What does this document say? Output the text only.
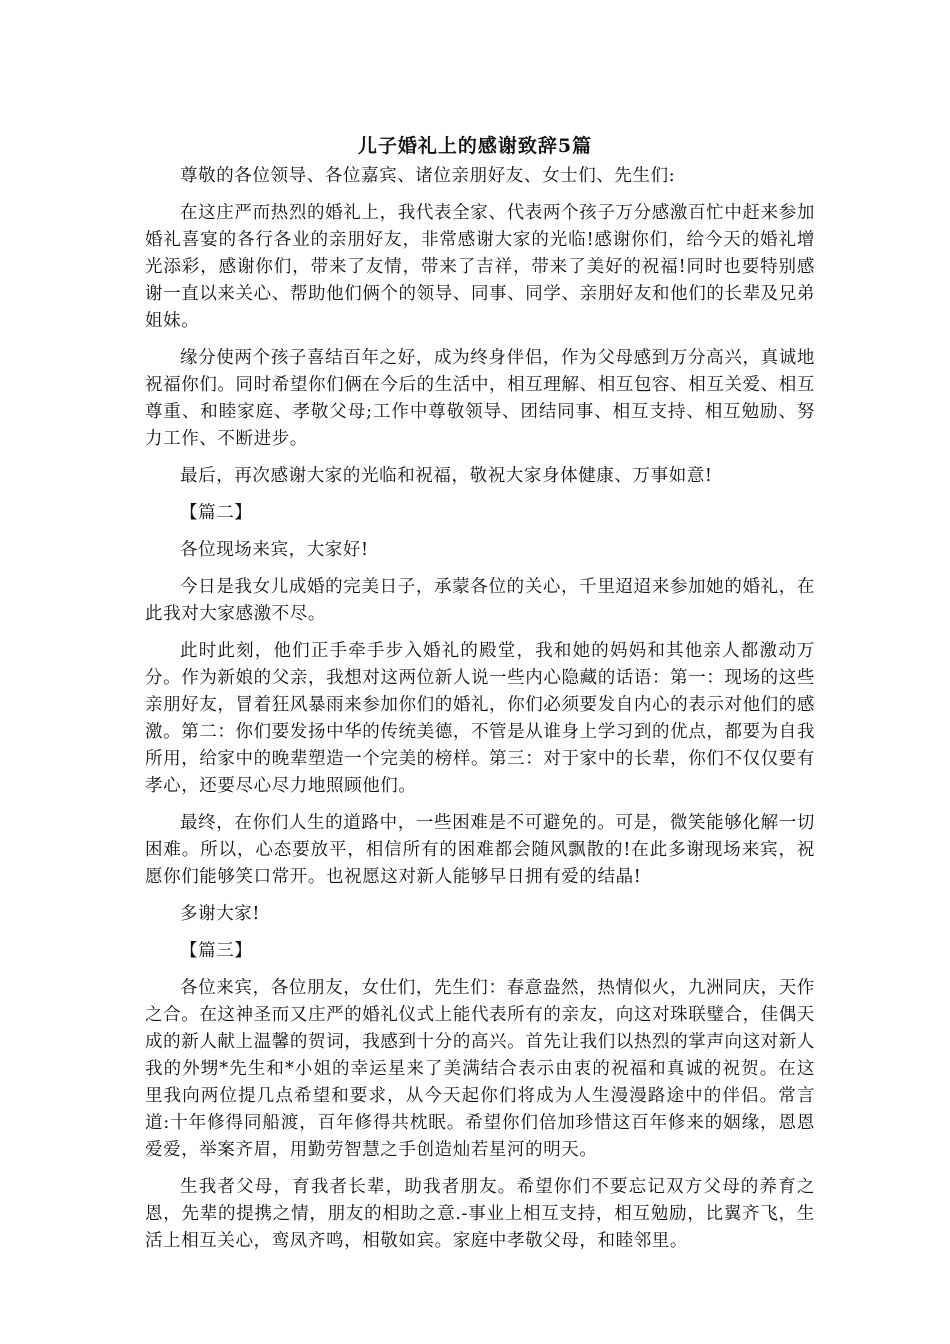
儿子婚礼上的感谢致辞5篇

尊敬的各位领导、各位嘉宾、诸位亲朋好友、女士们、先生们:

在这庄严而热烈的婚礼上，我代表全家、代表两个孩子万分感激百忙中赶来参加婚礼喜宴的各行各业的亲朋好友，非常感谢大家的光临!感谢你们，给今天的婚礼增光添彩，感谢你们，带来了友情，带来了吉祥，带来了美好的祝福!同时也要特别感谢一直以来关心、帮助他们俩个的领导、同事、同学、亲朋好友和他们的长辈及兄弟姐妹。

缘分使两个孩子喜结百年之好，成为终身伴侣，作为父母感到万分高兴，真诚地祝福你们。同时希望你们俩在今后的生活中，相互理解、相互包容、相互关爱、相互尊重、和睦家庭、孝敬父母;工作中尊敬领导、团结同事、相互支持、相互勉励、努力工作、不断进步。

最后，再次感谢大家的光临和祝福，敬祝大家身体健康、万事如意!

【篇二】

各位现场来宾，大家好!

今日是我女儿成婚的完美日子，承蒙各位的关心，千里迢迢来参加她的婚礼，在此我对大家感激不尽。

此时此刻，他们正手牵手步入婚礼的殿堂，我和她的妈妈和其他亲人都激动万分。作为新娘的父亲，我想对这两位新人说一些内心隐藏的话语：第一：现场的这些亲朋好友，冒着狂风暴雨来参加你们的婚礼，你们必须要发自内心的表示对他们的感激。第二：你们要发扬中华的传统美德，不管是从谁身上学习到的优点，都要为自我所用，给家中的晚辈塑造一个完美的榜样。第三：对于家中的长辈，你们不仅仅要有孝心，还要尽心尽力地照顾他们。

最终，在你们人生的道路中，一些困难是不可避免的。可是，微笑能够化解一切困难。所以，心态要放平，相信所有的困难都会随风飘散的!在此多谢现场来宾，祝愿你们能够笑口常开。也祝愿这对新人能够早日拥有爱的结晶!

多谢大家!

【篇三】

各位来宾，各位朋友，女仕们，先生们：春意盎然，热情似火，九洲同庆，天作之合。在这神圣而又庄严的婚礼仪式上能代表所有的亲友，向这对珠联璧合，佳偶天成的新人献上温馨的贺词，我感到十分的高兴。首先让我们以热烈的掌声向这对新人我的外甥*先生和*小姐的幸运星来了美满结合表示由衷的祝福和真诚的祝贺。在这里我向两位提几点希望和要求，从今天起你们将成为人生漫漫路途中的伴侣。常言道:十年修得同船渡，百年修得共枕眠。希望你们倍加珍惜这百年修来的姻缘，恩恩爱爱，举案齐眉，用勤劳智慧之手创造灿若星河的明天。

生我者父母，育我者长辈，助我者朋友。希望你们不要忘记双方父母的养育之恩，先辈的提携之情，朋友的相助之意.-事业上相互支持，相互勉励，比翼齐飞，生活上相互关心，鸾凤齐鸣，相敬如宾。家庭中孝敬父母，和睦邻里。
